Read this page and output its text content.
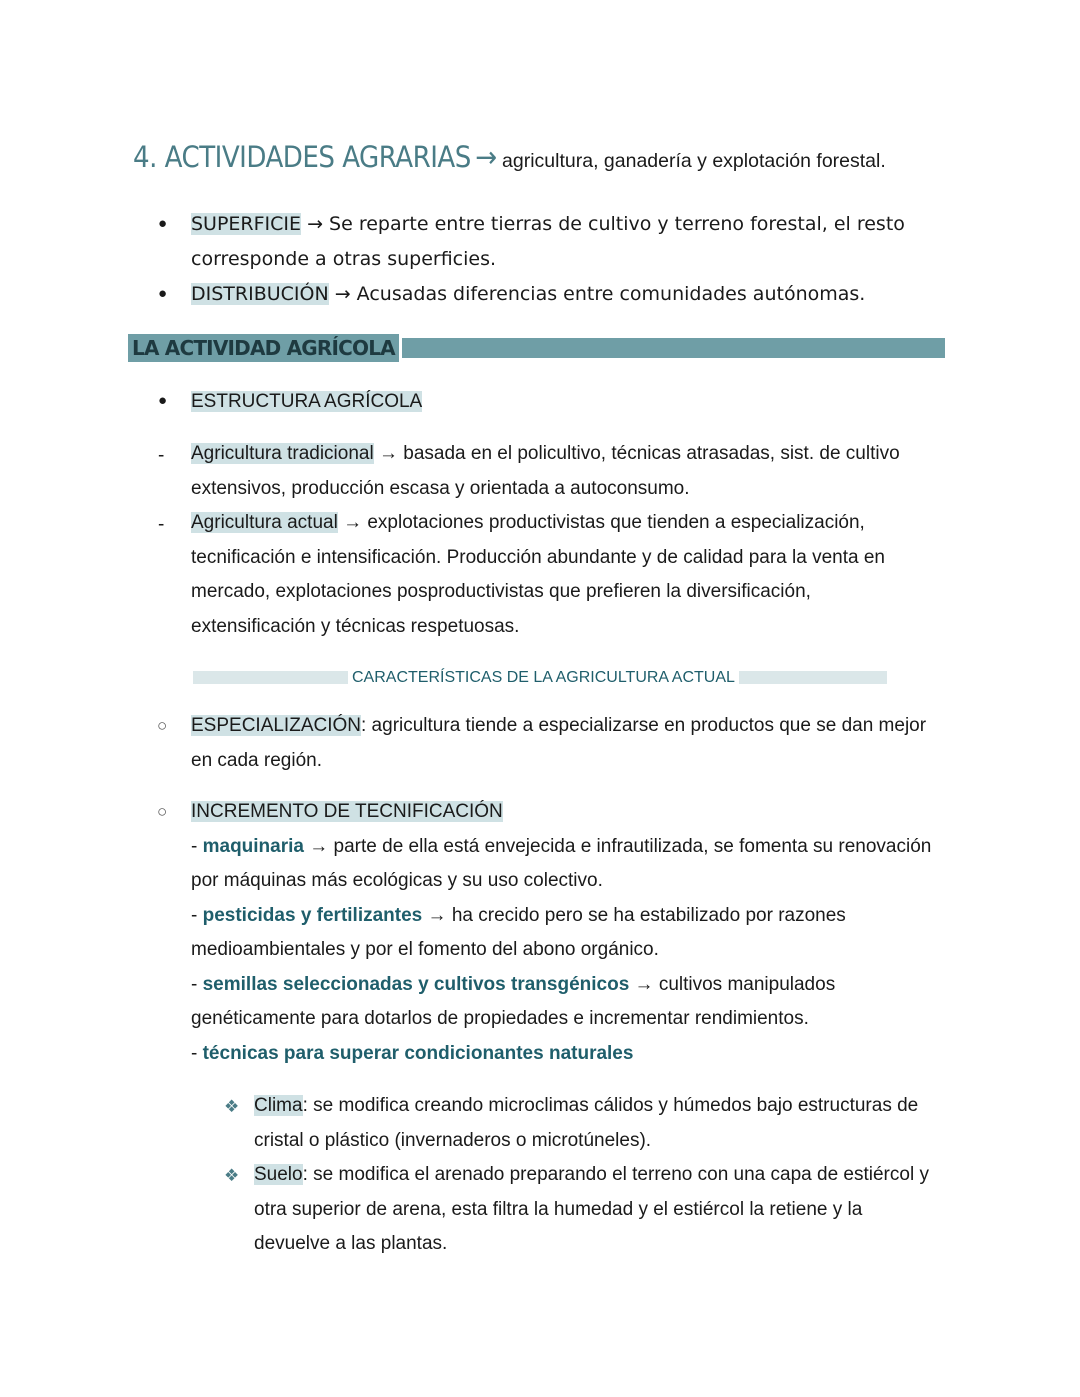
4. ACTIVIDADES AGRARIAS → agricultura, ganadería y explotación forestal.
● SUPERFICIE → Se reparte entre tierras de cultivo y terreno forestal, el resto
corresponde a otras superficies.
● DISTRIBUCIÓN → Acusadas diferencias entre comunidades autónomas.
LA ACTIVIDAD AGRÍCOLA
● ESTRUCTURA AGRÍCOLA
- Agricultura tradicional → basada en el policultivo, técnicas atrasadas, sist. de cultivo
extensivos, producción escasa y orientada a autoconsumo.
- Agricultura actual → explotaciones productivistas que tienden a especialización,
tecnificación e intensificación. Producción abundante y de calidad para la venta en
mercado, explotaciones posproductivistas que prefieren la diversificación,
extensificación y técnicas respetuosas.
CARACTERÍSTICAS DE LA AGRICULTURA ACTUAL
○ ESPECIALIZACIÓN: agricultura tiende a especializarse en productos que se dan mejor
en cada región.
○ INCREMENTO DE TECNIFICACIÓN
- maquinaria → parte de ella está envejecida e infrautilizada, se fomenta su renovación
por máquinas más ecológicas y su uso colectivo.
- pesticidas y fertilizantes → ha crecido pero se ha estabilizado por razones
medioambientales y por el fomento del abono orgánico.
- semillas seleccionadas y cultivos transgénicos → cultivos manipulados
genéticamente para dotarlos de propiedades e incrementar rendimientos.
- técnicas para superar condicionantes naturales
❖ Clima: se modifica creando microclimas cálidos y húmedos bajo estructuras de
cristal o plástico (invernaderos o microtúneles).
❖ Suelo: se modifica el arenado preparando el terreno con una capa de estiércol y
otra superior de arena, esta filtra la humedad y el estiércol la retiene y la
devuelve a las plantas.
